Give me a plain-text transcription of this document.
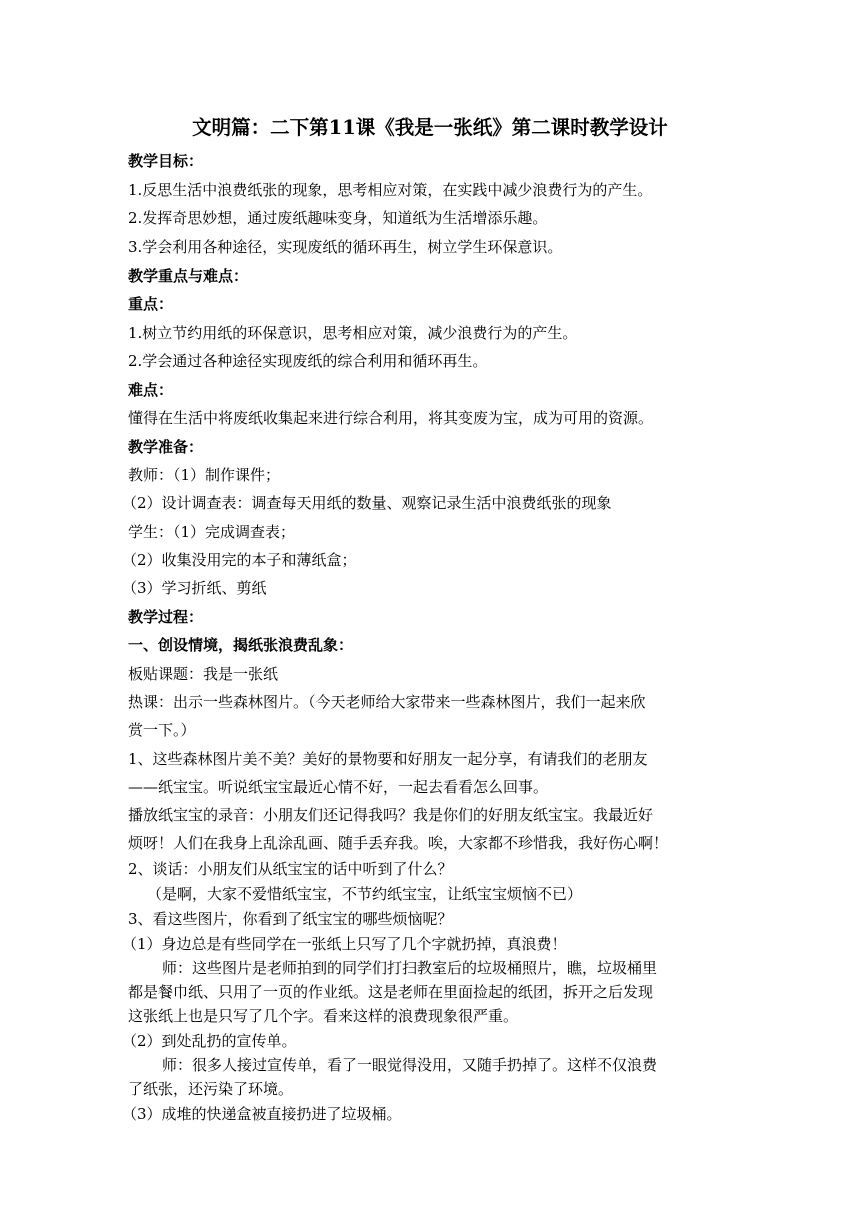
文明篇：二下第11课《我是一张纸》第二课时教学设计
教学目标：
1.反思生活中浪费纸张的现象，思考相应对策，在实践中减少浪费行为的产生。
2.发挥奇思妙想，通过废纸趣味变身，知道纸为生活增添乐趣。
3.学会利用各种途径，实现废纸的循环再生，树立学生环保意识。
教学重点与难点：
重点：
1.树立节约用纸的环保意识，思考相应对策，减少浪费行为的产生。
2.学会通过各种途径实现废纸的综合利用和循环再生。
难点：
懂得在生活中将废纸收集起来进行综合利用，将其变废为宝，成为可用的资源。
教学准备：
教师：（1）制作课件；
（2）设计调查表：调查每天用纸的数量、观察记录生活中浪费纸张的现象
学生：（1）完成调查表；
（2）收集没用完的本子和薄纸盒；
（3）学习折纸、剪纸
教学过程：
一、创设情境，揭纸张浪费乱象：
板贴课题：我是一张纸
热课：出示一些森林图片。（今天老师给大家带来一些森林图片，我们一起来欣
赏一下。）
1、这些森林图片美不美？美好的景物要和好朋友一起分享，有请我们的老朋友
——纸宝宝。听说纸宝宝最近心情不好，一起去看看怎么回事。
播放纸宝宝的录音：小朋友们还记得我吗？我是你们的好朋友纸宝宝。我最近好
烦呀！人们在我身上乱涂乱画、随手丢弃我。唉，大家都不珍惜我，我好伤心啊！
2、谈话：小朋友们从纸宝宝的话中听到了什么？
（是啊，大家不爱惜纸宝宝，不节约纸宝宝，让纸宝宝烦恼不已）
3、看这些图片，你看到了纸宝宝的哪些烦恼呢？
（1）身边总是有些同学在一张纸上只写了几个字就扔掉，真浪费！
师：这些图片是老师拍到的同学们打扫教室后的垃圾桶照片，瞧，垃圾桶里
都是餐巾纸、只用了一页的作业纸。这是老师在里面捡起的纸团，拆开之后发现
这张纸上也是只写了几个字。看来这样的浪费现象很严重。
（2）到处乱扔的宣传单。
师：很多人接过宣传单，看了一眼觉得没用，又随手扔掉了。这样不仅浪费
了纸张，还污染了环境。
（3）成堆的快递盒被直接扔进了垃圾桶。
